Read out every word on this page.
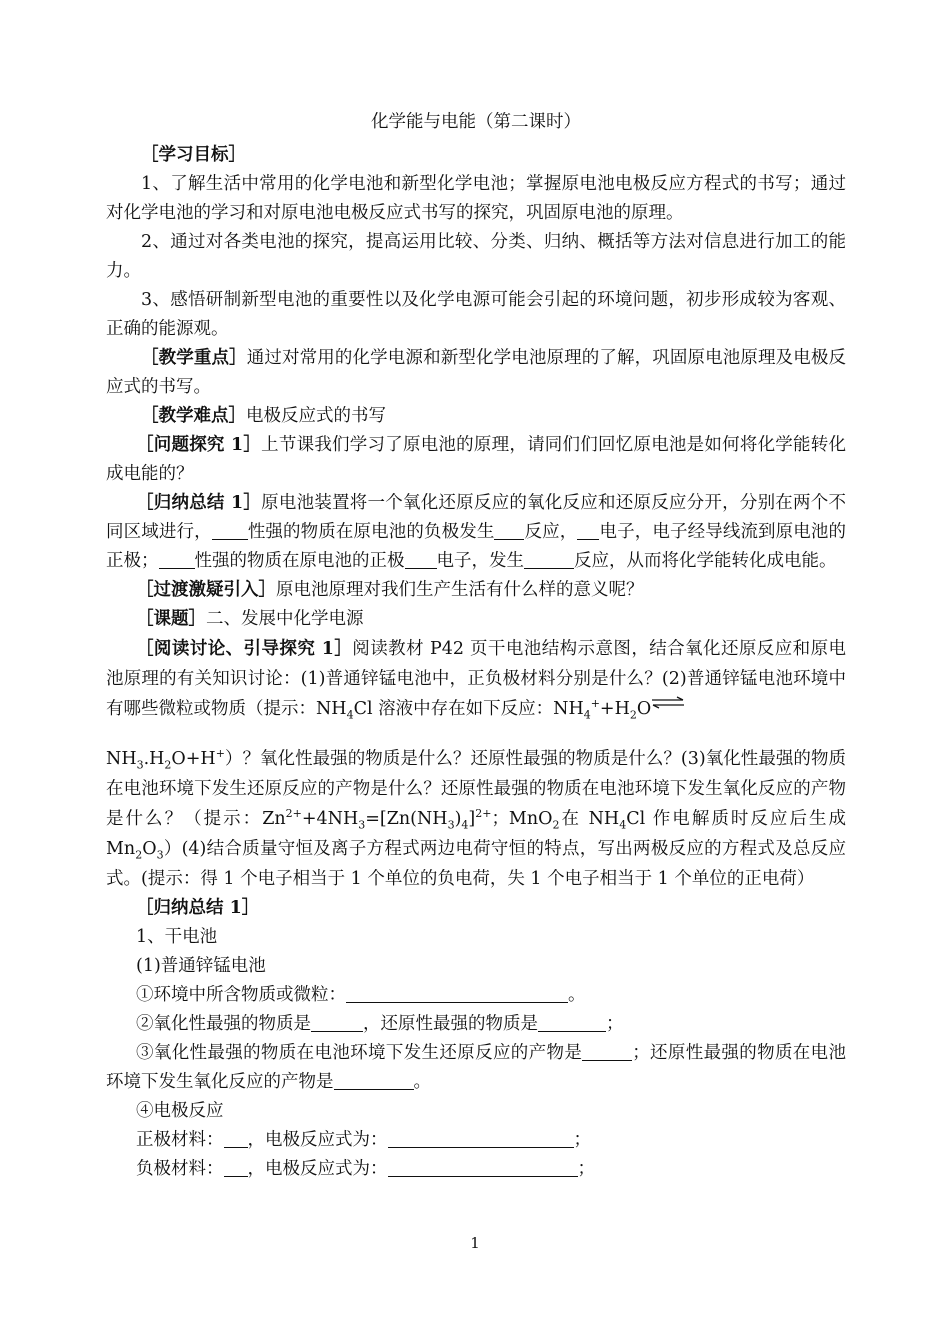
化学能与电能（第二课时）

［学习目标］

1、了解生活中常用的化学电池和新型化学电池；掌握原电池电极反应方程式的书写；通过对化学电池的学习和对原电池电极反应式书写的探究，巩固原电池的原理。

2、通过对各类电池的探究，提高运用比较、分类、归纳、概括等方法对信息进行加工的能力。

3、感悟研制新型电池的重要性以及化学电源可能会引起的环境问题，初步形成较为客观、正确的能源观。

［教学重点］通过对常用的化学电源和新型化学电池原理的了解，巩固原电池原理及电极反应式的书写。

［教学难点］电极反应式的书写

［问题探究 1］上节课我们学习了原电池的原理，请同们们回忆原电池是如何将化学能转化成电能的？

［归纳总结 1］原电池装置将一个氧化还原反应的氧化反应和还原反应分开，分别在两个不同区域进行， 性强的物质在原电池的负极发生 反应， 电子，电子经导线流到原电池的正极； 性强的物质在原电池的正极 电子，发生	反应，从而将化学能转化成电能。

［过渡激疑引入］原电池原理对我们生产生活有什么样的意义呢？

［课题］二、发展中化学电源

［阅读讨论、引导探究 1］阅读教材 P42 页干电池结构示意图，结合氧化还原反应和原电池原理的有关知识讨论：(1)普通锌锰电池中，正负极材料分别是什么？(2)普通锌锰电池环境中有哪些微粒或物质（提示：$NH_4Cl$ 溶液中存在如下反应：$NH_4^++H_2O\rightleftharpoons$
$NH_3.H_2O+H^+$）？氧化性最强的物质是什么？还原性最强的物质是什么？(3)氧化性最强的物质在电池环境下发生还原反应的产物是什么？还原性最强的物质在电池环境下发生氧化反应的产物是什么？（提示：$Zn^{2+}+4NH_3=[Zn(NH_3)_4]^{2+}$；MnO$_2$在 $NH_4Cl$ 作电解质时反应后生成 $Mn_2O_3)(4)$结合质量守恒及离子方程式两边电荷守恒的特点，写出两极反应的方程式及总反应式。(提示：得 1 个电子相当于 1 个单位的负电荷，失 1 个电子相当于 1 个单位的正电荷）

［归纳总结 1］

1、干电池

(1)普通锌锰电池

①环境中所含物质或微粒：	。

②氧化性最强的物质是	，还原性最强的物质是	；

③氧化性最强的物质在电池环境下发生还原反应的产物是	；还原性最强的物质在电池环境下发生氧化反应的产物是	。

④电极反应

正极材料： ，电极反应式为：	；

负极材料： ，电极反应式为：	；

1
